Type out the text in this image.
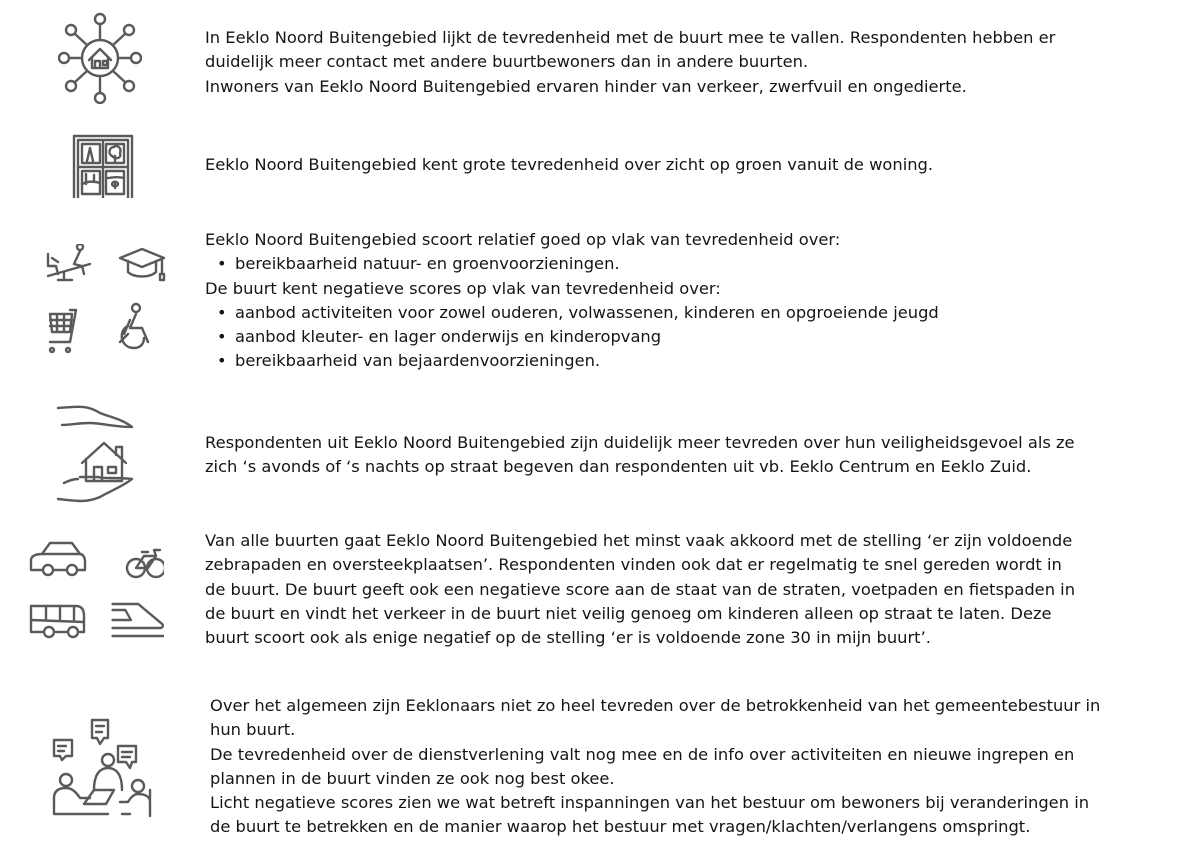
In Eeklo Noord Buitengebied lijkt de tevredenheid met de buurt mee te vallen. Respondenten hebben er
duidelijk meer contact met andere buurtbewoners dan in andere buurten.
Inwoners van Eeklo Noord Buitengebied ervaren hinder van verkeer, zwerfvuil en ongedierte.
Eeklo Noord Buitengebied kent grote tevredenheid over zicht op groen vanuit de woning.
Eeklo Noord Buitengebied scoort relatief goed op vlak van tevredenheid over:
• bereikbaarheid natuur- en groenvoorzieningen.
De buurt kent negatieve scores op vlak van tevredenheid over:
• aanbod activiteiten voor zowel ouderen, volwassenen, kinderen en opgroeiende jeugd
• aanbod kleuter- en lager onderwijs en kinderopvang
• bereikbaarheid van bejaardenvoorzieningen.
Respondenten uit Eeklo Noord Buitengebied zijn duidelijk meer tevreden over hun veiligheidsgevoel als ze
zich ‘s avonds of ‘s nachts op straat begeven dan respondenten uit vb. Eeklo Centrum en Eeklo Zuid.
Van alle buurten gaat Eeklo Noord Buitengebied het minst vaak akkoord met de stelling ‘er zijn voldoende
zebrapaden en oversteekplaatsen’. Respondenten vinden ook dat er regelmatig te snel gereden wordt in
de buurt. De buurt geeft ook een negatieve score aan de staat van de straten, voetpaden en fietspaden in
de buurt en vindt het verkeer in de buurt niet veilig genoeg om kinderen alleen op straat te laten. Deze
buurt scoort ook als enige negatief op de stelling ‘er is voldoende zone 30 in mijn buurt’.
Over het algemeen zijn Eeklonaars niet zo heel tevreden over de betrokkenheid van het gemeentebestuur in
hun buurt.
De tevredenheid over de dienstverlening valt nog mee en de info over activiteiten en nieuwe ingrepen en
plannen in de buurt vinden ze ook nog best okee.
Licht negatieve scores zien we wat betreft inspanningen van het bestuur om bewoners bij veranderingen in
de buurt te betrekken en de manier waarop het bestuur met vragen/klachten/verlangens omspringt.
